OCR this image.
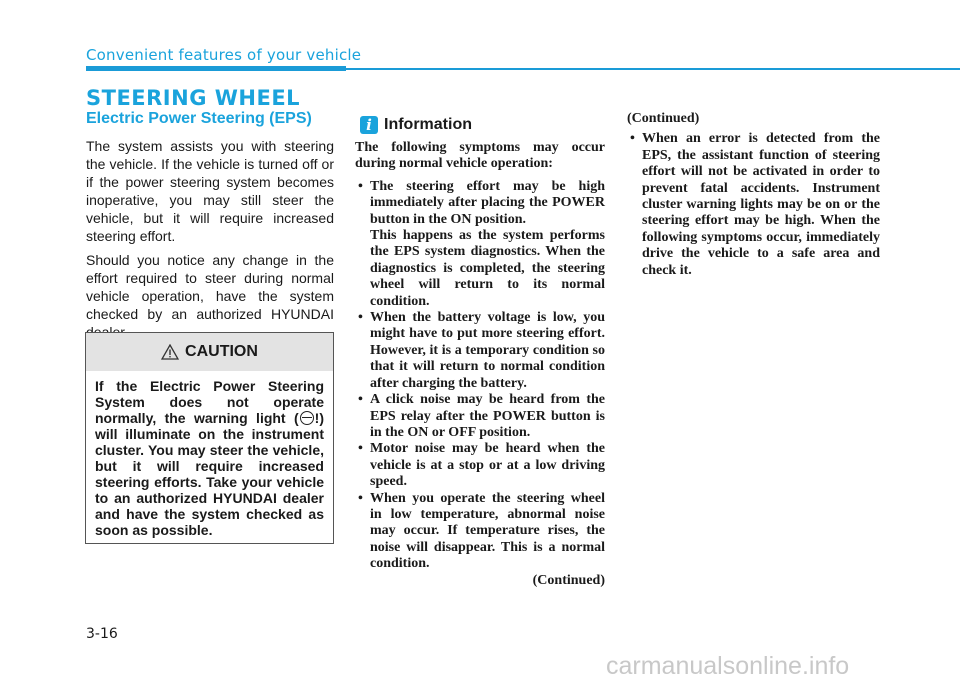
Convenient features of your vehicle
STEERING WHEEL
Electric Power Steering (EPS)

The system assists you with steering the vehicle. If the vehicle is turned off or if the power steering system becomes inoperative, you may still steer the vehicle, but it will require increased steering effort.

Should you notice any change in the effort required to steer during normal vehicle operation, have the system checked by an authorized HYUNDAI

CAUTION
If the Electric Power Steering System does not operate normally, the warning light ( !) will illuminate on the instrument cluster. You may steer the vehicle, but it will require increased steering efforts. Take your vehicle to an authorized HYUNDAI dealer and have the system checked as soon as possible.
i Information

The following symptoms may occur during normal vehicle operation:

• The steering effort may be high immediately after placing the POWER button in the ON position.

This happens as the system performs the EPS system diagnostics. When the diagnostics is completed, the steering wheel will return to its normal condition.

• When the battery voltage is low, you might have to put more steering effort. However, it is a temporary condition so that it will return to normal condition after charging the battery.

• A click noise may be heard from the EPS relay after the POWER button is in the ON or OFF position.

• Motor noise may be heard when the vehicle is at a stop or at a low driving speed.

• When you operate the steering wheel in low temperature, abnormal noise may occur. If temperature rises, the noise will disappear. This is a normal condition.

(Continued)

(Continued)

• When an error is detected from the EPS, the assistant function of steering effort will not be activated in order to prevent fatal accidents. Instrument cluster warning lights may be on or the steering effort may be high. When the following symptoms occur, immediately drive the vehicle to a safe area and check it.

3-16
carmanualsonline.info
